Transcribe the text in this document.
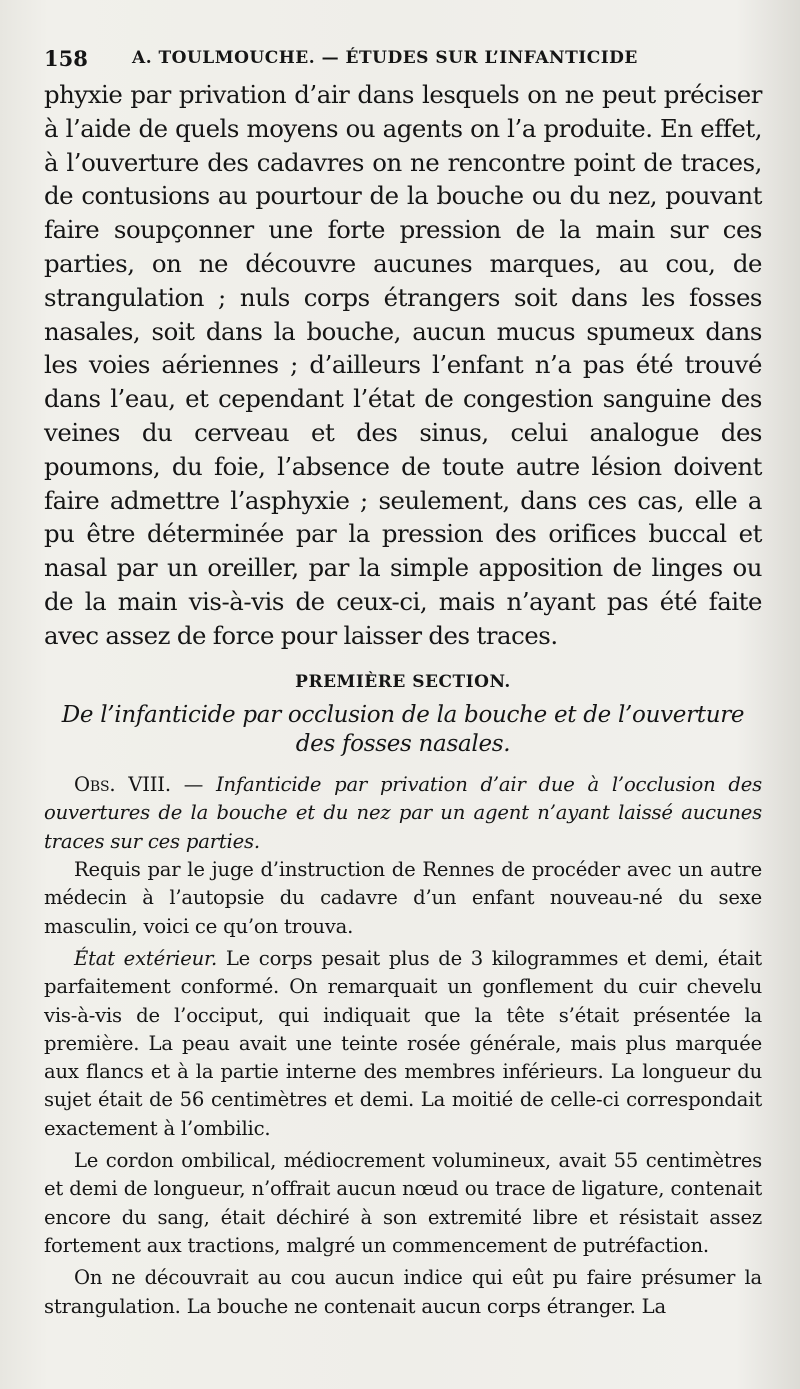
158	A. TOULMOUCHE. — ÉTUDES SUR L’INFANTICIDE

phyxie par privation d’air dans lesquels on ne peut préciser à l’aide de quels moyens ou agents on l’a produite. En effet, à l’ouverture des cadavres on ne rencontre point de traces, de contusions au pourtour de la bouche ou du nez, pouvant faire soupçonner une forte pression de la main sur ces parties, on ne découvre aucunes marques, au cou, de strangulation ; nuls corps étrangers soit dans les fosses nasales, soit dans la bouche, aucun mucus spumeux dans les voies aériennes ; d’ailleurs l’enfant n’a pas été trouvé dans l’eau, et cependant l’état de congestion sanguine des veines du cerveau et des sinus, celui analogue des poumons, du foie, l’absence de toute autre lésion doivent faire admettre l’asphyxie ; seulement, dans ces cas, elle a pu être déterminée par la pression des orifices buccal et nasal par un oreiller, par la simple apposition de linges ou de la main vis-à-vis de ceux-ci, mais n’ayant pas été faite avec assez de force pour laisser des traces.

PREMIÈRE SECTION.
De l’infanticide par occlusion de la bouche et de l’ouverture des fosses nasales.

Obs. VIII. — Infanticide par privation d’air due à l’occlusion des ouvertures de la bouche et du nez par un agent n’ayant laissé aucunes traces sur ces parties.

Requis par le juge d’instruction de Rennes de procéder avec un autre médecin à l’autopsie du cadavre d’un enfant nouveau-né du sexe masculin, voici ce qu’on trouva.

État extérieur. Le corps pesait plus de 3 kilogrammes et demi, était parfaitement conformé. On remarquait un gonflement du cuir chevelu vis-à-vis de l’occiput, qui indiquait que la tête s’était présentée la première. La peau avait une teinte rosée générale, mais plus marquée aux flancs et à la partie interne des membres inférieurs. La longueur du sujet était de 56 centimètres et demi. La moitié de celle-ci correspondait exactement à l’ombilic.

Le cordon ombilical, médiocrement volumineux, avait 55 centimètres et demi de longueur, n’offrait aucun nœud ou trace de ligature, contenait encore du sang, était déchiré à son extremité libre et résistait assez fortement aux tractions, malgré un commencement de putréfaction.

On ne découvrait au cou aucun indice qui eût pu faire présumer la strangulation. La bouche ne contenait aucun corps étranger. La
